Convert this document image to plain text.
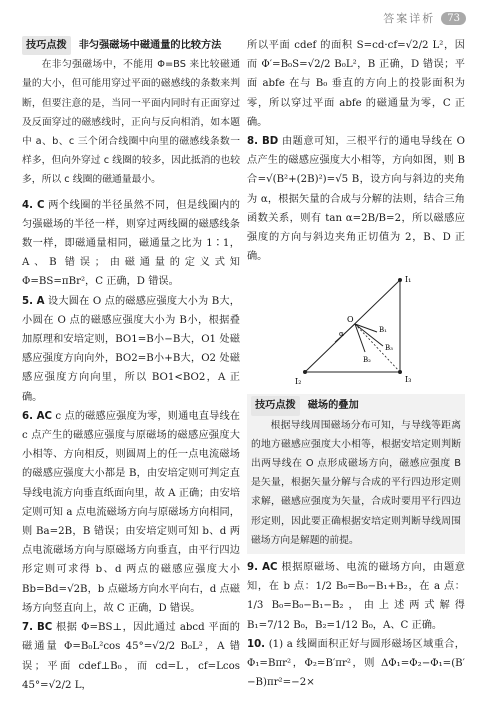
答案详析	73
技巧点拨	非匀强磁场中磁通量的比较方法
在非匀强磁场中，不能用 Φ=BS 来比较磁通量的大小，但可能用穿过平面的磁感线的条数来判断，但要注意的是，当同一平面内同时有正面穿过及反面穿过的磁感线时，正向与反向相消，如本题中 a、b、c 三个闭合线圈中向里的磁感线条数一样多，但向外穿过 c 线圈的较多，因此抵消的也较多，所以 c 线圈的磁通量最小。

4. C 两个线圈的半径虽然不同，但是线圈内的匀强磁场的半径一样，则穿过两线圈的磁感线条数一样，即磁通量相同，磁通量之比为 1∶1，A、B 错误；由磁通量的定义式知 Φ=BS=πBr²，C 正确，D 错误。

5. A 设大圆在 O 点的磁感应强度大小为 B大，小圆在 O 点的磁感应强度大小为 B小，根据叠加原理和安培定则，BO1=B小−B大，O1 处磁感应强度方向向外，BO2=B小+B大，O2 处磁感应强度方向向里，所以 BO1<BO2，A 正确。

6. AC c 点的磁感应强度为零，则通电直导线在 c 点产生的磁感应强度与原磁场的磁感应强度大小相等、方向相反，则圆周上的任一点电流磁场的磁感应强度大小都是 B，由安培定则可判定直导线电流方向垂直纸面向里，故 A 正确；由安培定则可知 a 点电流磁场方向与原磁场方向相同，则 Ba=2B，B 错误；由安培定则可知 b、d 两点电流磁场方向与原磁场方向垂直，由平行四边形定则可求得 b、d 两点的磁感应强度大小 Bb=Bd=√2B，b 点磁场方向水平向右，d 点磁场方向竖直向上，故 C 正确，D 错误。

7. BC 根据 Φ=BS⊥，因此通过 abcd 平面的磁通量 Φ=B₀L²cos 45°=√2/2 B₀L²，A 错误；平面 cdef⊥B₀，而 cd=L，cf=Lcos 45°=√2/2 L，

所以平面 cdef 的面积 S=cd·cf=√2/2 L²，因而 Φ′=B₀S=√2/2 B₀L²，B 正确，D 错误；平面 abfe 在与 B₀ 垂直的方向上的投影面积为零，所以穿过平面 abfe 的磁通量为零，C 正确。

8. BD 由题意可知，三根平行的通电导线在 O 点产生的磁感应强度大小相等，方向如图，则 B合=√(B²+(2B)²)=√5 B，设方向与斜边的夹角为 α，根据矢量的合成与分解的法则，结合三角函数关系，则有 tan α=2B/B=2，所以磁感应强度的方向与斜边夹角正切值为 2，B、D 正确。

I₁
I₂	I₃
O
B₁
B₂
B₃
α
技巧点拨	磁场的叠加
根据导线周围磁场分布可知，与导线等距离的地方磁感应强度大小相等，根据安培定则判断出两导线在 O 点形成磁场方向，磁感应强度 B 是矢量，根据矢量分解与合成的平行四边形定则求解，磁感应强度为矢量，合成时要用平行四边形定则，因此要正确根据安培定则判断导线周围磁场方向是解题的前提。

9. AC 根据原磁场、电流的磁场方向，由题意知，在 b 点：1/2 B₀=B₀−B₁+B₂，在 a 点：1/3 B₀=B₀−B₁−B₂，由上述两式解得 B₁=7/12 B₀，B₂=1/12 B₀，A、C 正确。

10. (1) a 线圈面积正好与圆形磁场区域重合，Φ₁=Bπr²，Φ₂=B′πr²，则 ΔΦ₁=Φ₂−Φ₁=(B′−B)πr²=−2×
